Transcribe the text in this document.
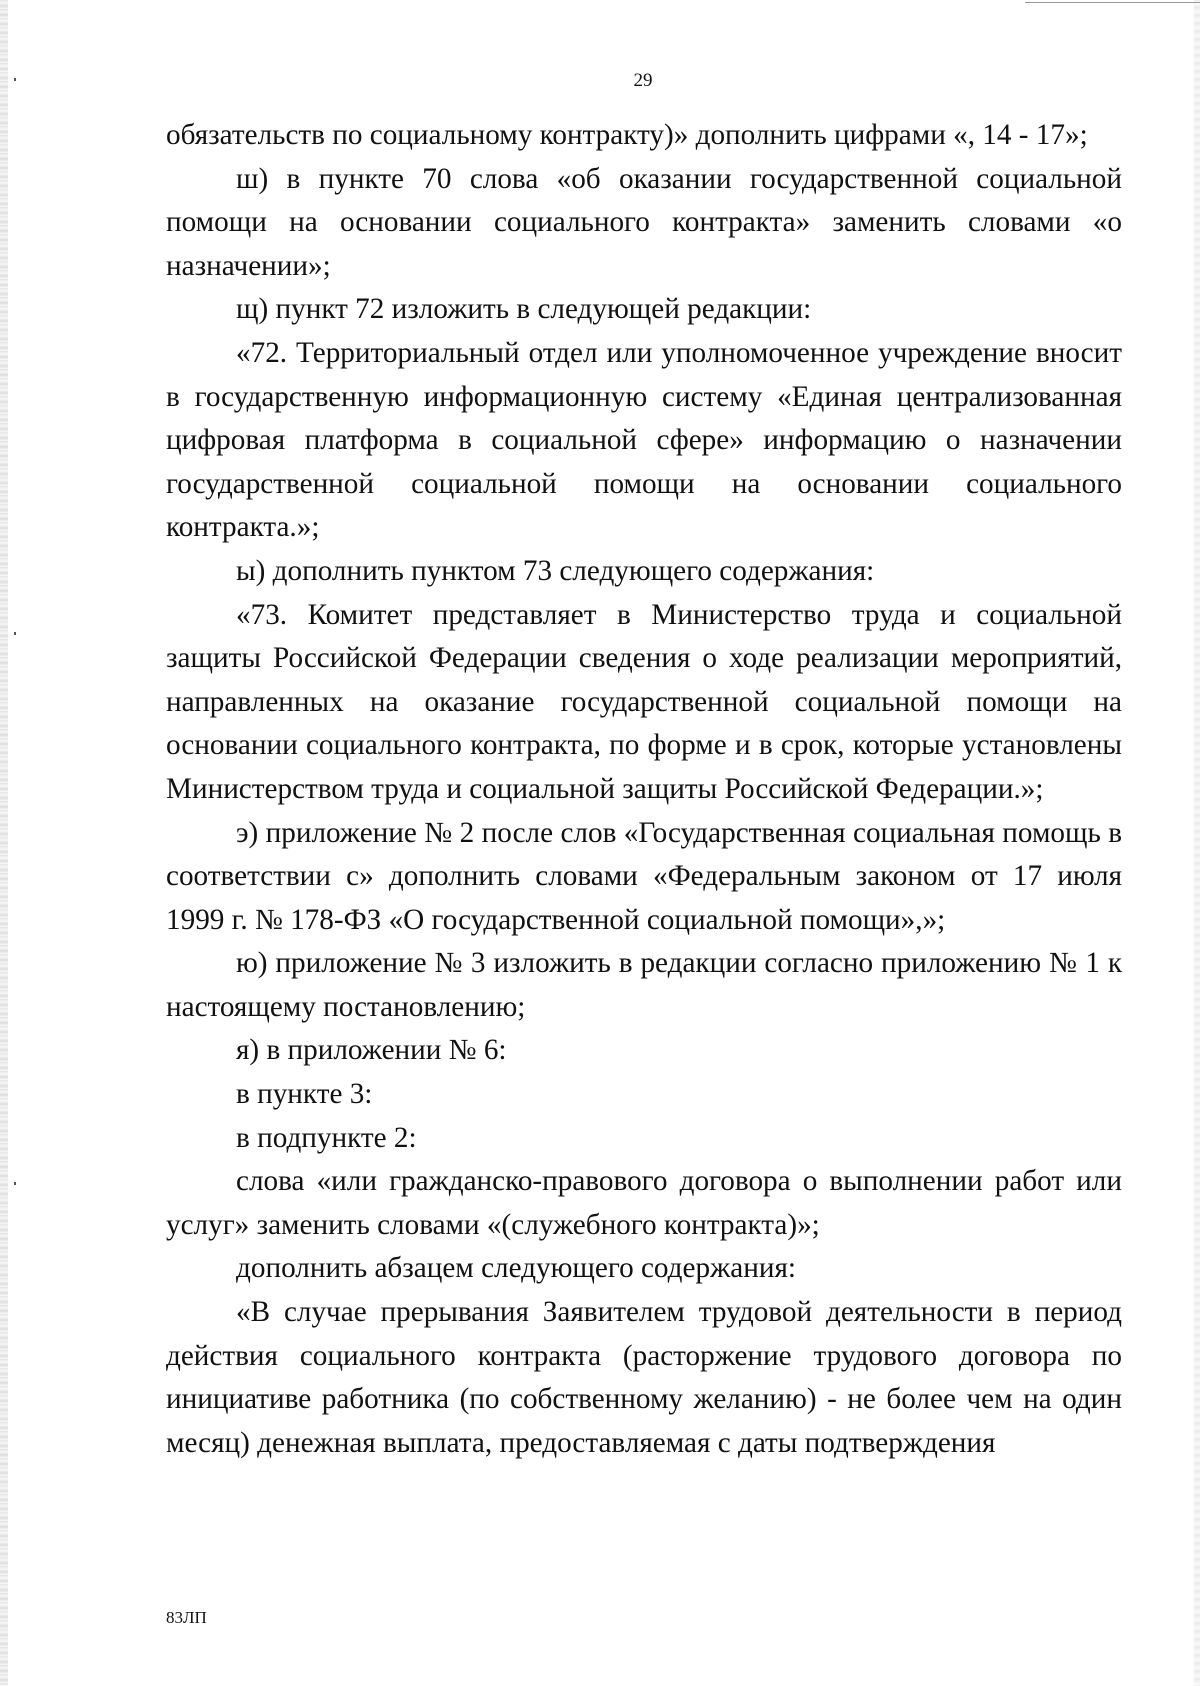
29

обязательств по социальному контракту)» дополнить цифрами «, 14 - 17»;

ш) в пункте 70 слова «об оказании государственной социальной помощи на основании социального контракта» заменить словами «о назначении»;

щ) пункт 72 изложить в следующей редакции:

«72. Территориальный отдел или уполномоченное учреждение вносит в государственную информационную систему «Единая централизованная цифровая платформа в социальной сфере» информацию о назначении государственной социальной помощи на основании социального контракта.»;

ы) дополнить пунктом 73 следующего содержания:

«73. Комитет представляет в Министерство труда и социальной защиты Российской Федерации сведения о ходе реализации мероприятий, направленных на оказание государственной социальной помощи на основании социального контракта, по форме и в срок, которые установлены Министерством труда и социальной защиты Российской Федерации.»;

э) приложение № 2 после слов «Государственная социальная помощь в соответствии с» дополнить словами «Федеральным законом от 17 июля 1999 г. № 178-ФЗ «О государственной социальной помощи»,»;

ю) приложение № 3 изложить в редакции согласно приложению № 1 к настоящему постановлению;

я) в приложении № 6:

в пункте 3:

в подпункте 2:

слова «или гражданско-правового договора о выполнении работ или услуг» заменить словами «(служебного контракта)»;

дополнить абзацем следующего содержания:

«В случае прерывания Заявителем трудовой деятельности в период действия социального контракта (расторжение трудового договора по инициативе работника (по собственному желанию) - не более чем на один месяц) денежная выплата, предоставляемая с даты подтверждения

83ЛП
